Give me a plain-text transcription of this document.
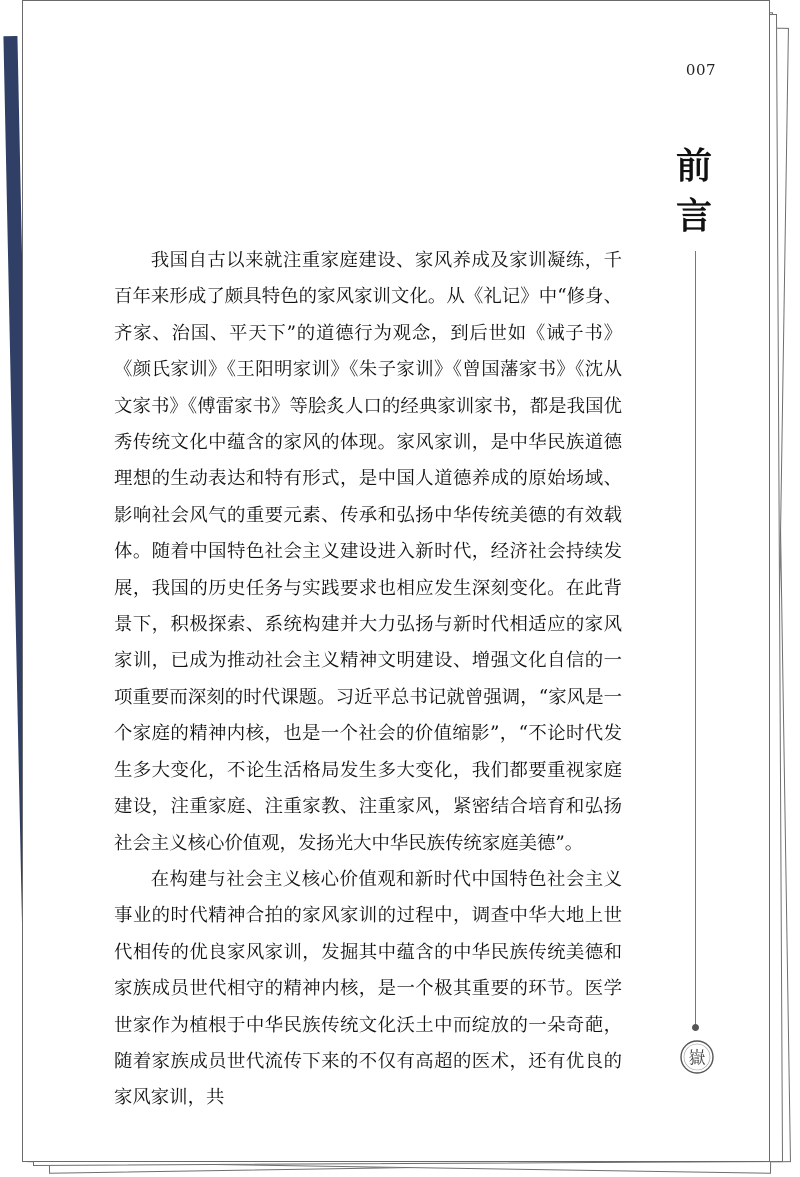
007
前
言
嶽

我国自古以来就注重家庭建设、家风养成及家训凝练，千百年来形成了颇具特色的家风家训文化。从《礼记》中“修身、齐家、治国、平天下”的道德行为观念，到后世如《诫子书》《颜氏家训》《王阳明家训》《朱子家训》《曾国藩家书》《沈从文家书》《傅雷家书》等脍炙人口的经典家训家书，都是我国优秀传统文化中蕴含的家风的体现。家风家训，是中华民族道德理想的生动表达和特有形式，是中国人道德养成的原始场域、影响社会风气的重要元素、传承和弘扬中华传统美德的有效载体。随着中国特色社会主义建设进入新时代，经济社会持续发展，我国的历史任务与实践要求也相应发生深刻变化。在此背景下，积极探索、系统构建并大力弘扬与新时代相适应的家风家训，已成为推动社会主义精神文明建设、增强文化自信的一项重要而深刻的时代课题。习近平总书记就曾强调，“家风是一个家庭的精神内核，也是一个社会的价值缩影”，“不论时代发生多大变化，不论生活格局发生多大变化，我们都要重视家庭建设，注重家庭、注重家教、注重家风，紧密结合培育和弘扬社会主义核心价值观，发扬光大中华民族传统家庭美德”。

在构建与社会主义核心价值观和新时代中国特色社会主义事业的时代精神合拍的家风家训的过程中，调查中华大地上世代相传的优良家风家训，发掘其中蕴含的中华民族传统美德和家族成员世代相守的精神内核，是一个极其重要的环节。医学世家作为植根于中华民族传统文化沃土中而绽放的一朵奇葩，随着家族成员世代流传下来的不仅有高超的医术，还有优良的家风家训，共
